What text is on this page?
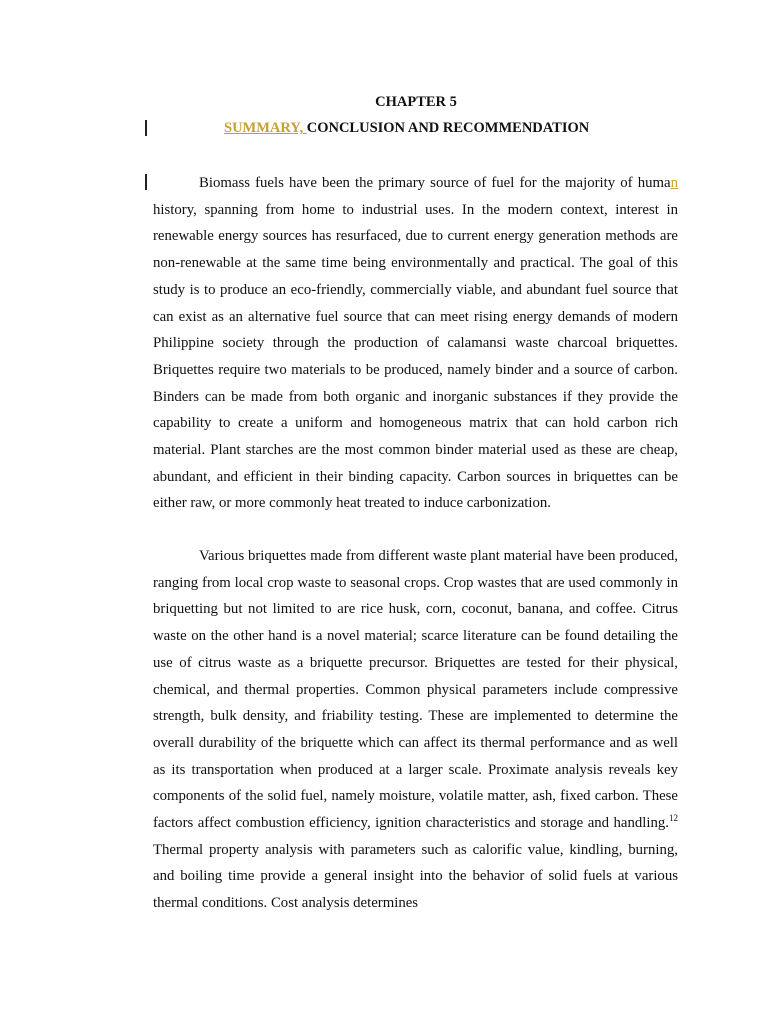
CHAPTER 5
SUMMARY, CONCLUSION AND RECOMMENDATION

Biomass fuels have been the primary source of fuel for the majority of human history, spanning from home to industrial uses. In the modern context, interest in renewable energy sources has resurfaced, due to current energy generation methods are non-renewable at the same time being environmentally and practical. The goal of this study is to produce an eco-friendly, commercially viable, and abundant fuel source that can exist as an alternative fuel source that can meet rising energy demands of modern Philippine society through the production of calamansi waste charcoal briquettes. Briquettes require two materials to be produced, namely binder and a source of carbon. Binders can be made from both organic and inorganic substances if they provide the capability to create a uniform and homogeneous matrix that can hold carbon rich material. Plant starches are the most common binder material used as these are cheap, abundant, and efficient in their binding capacity. Carbon sources in briquettes can be either raw, or more commonly heat treated to induce carbonization.

Various briquettes made from different waste plant material have been produced, ranging from local crop waste to seasonal crops. Crop wastes that are used commonly in briquetting but not limited to are rice husk, corn, coconut, banana, and coffee. Citrus waste on the other hand is a novel material; scarce literature can be found detailing the use of citrus waste as a briquette precursor. Briquettes are tested for their physical, chemical, and thermal properties. Common physical parameters include compressive strength, bulk density, and friability testing. These are implemented to determine the overall durability of the briquette which can affect its thermal performance and as well as its transportation when produced at a larger scale. Proximate analysis reveals key components of the solid fuel, namely moisture, volatile matter, ash, fixed carbon. These factors affect combustion efficiency, ignition characteristics and storage and handling.$^{12}$ Thermal property analysis with parameters such as calorific value, kindling, burning, and boiling time provide a general insight into the behavior of solid fuels at various thermal conditions. Cost analysis determines
